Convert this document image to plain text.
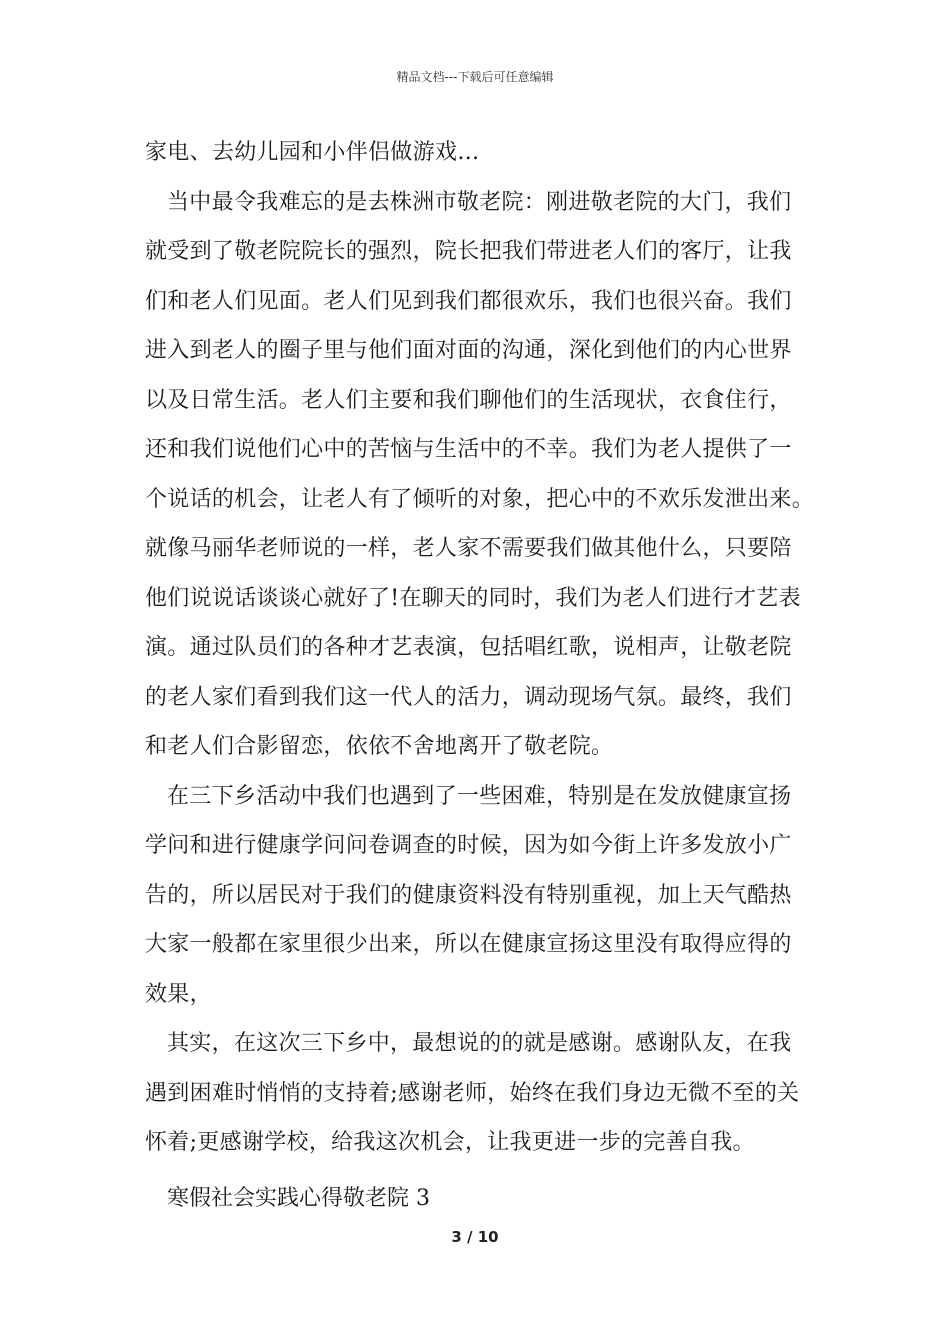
精品文档---下载后可任意编辑
家电、去幼儿园和小伴侣做游戏…
当中最令我难忘的是去株洲市敬老院：刚进敬老院的大门，我们
就受到了敬老院院长的强烈，院长把我们带进老人们的客厅，让我
们和老人们见面。老人们见到我们都很欢乐，我们也很兴奋。我们
进入到老人的圈子里与他们面对面的沟通，深化到他们的内心世界
以及日常生活。老人们主要和我们聊他们的生活现状，衣食住行，
还和我们说他们心中的苦恼与生活中的不幸。我们为老人提供了一
个说话的机会，让老人有了倾听的对象，把心中的不欢乐发泄出来。
就像马丽华老师说的一样，老人家不需要我们做其他什么，只要陪
他们说说话谈谈心就好了!在聊天的同时，我们为老人们进行才艺表
演。通过队员们的各种才艺表演，包括唱红歌，说相声，让敬老院
的老人家们看到我们这一代人的活力，调动现场气氛。最终，我们
和老人们合影留恋，依依不舍地离开了敬老院。
在三下乡活动中我们也遇到了一些困难，特别是在发放健康宣扬
学问和进行健康学问问卷调查的时候，因为如今街上许多发放小广
告的，所以居民对于我们的健康资料没有特别重视，加上天气酷热
大家一般都在家里很少出来，所以在健康宣扬这里没有取得应得的
效果，
其实，在这次三下乡中，最想说的的就是感谢。感谢队友，在我
遇到困难时悄悄的支持着;感谢老师，始终在我们身边无微不至的关
怀着;更感谢学校，给我这次机会，让我更进一步的完善自我。
寒假社会实践心得敬老院 3
3 / 10
